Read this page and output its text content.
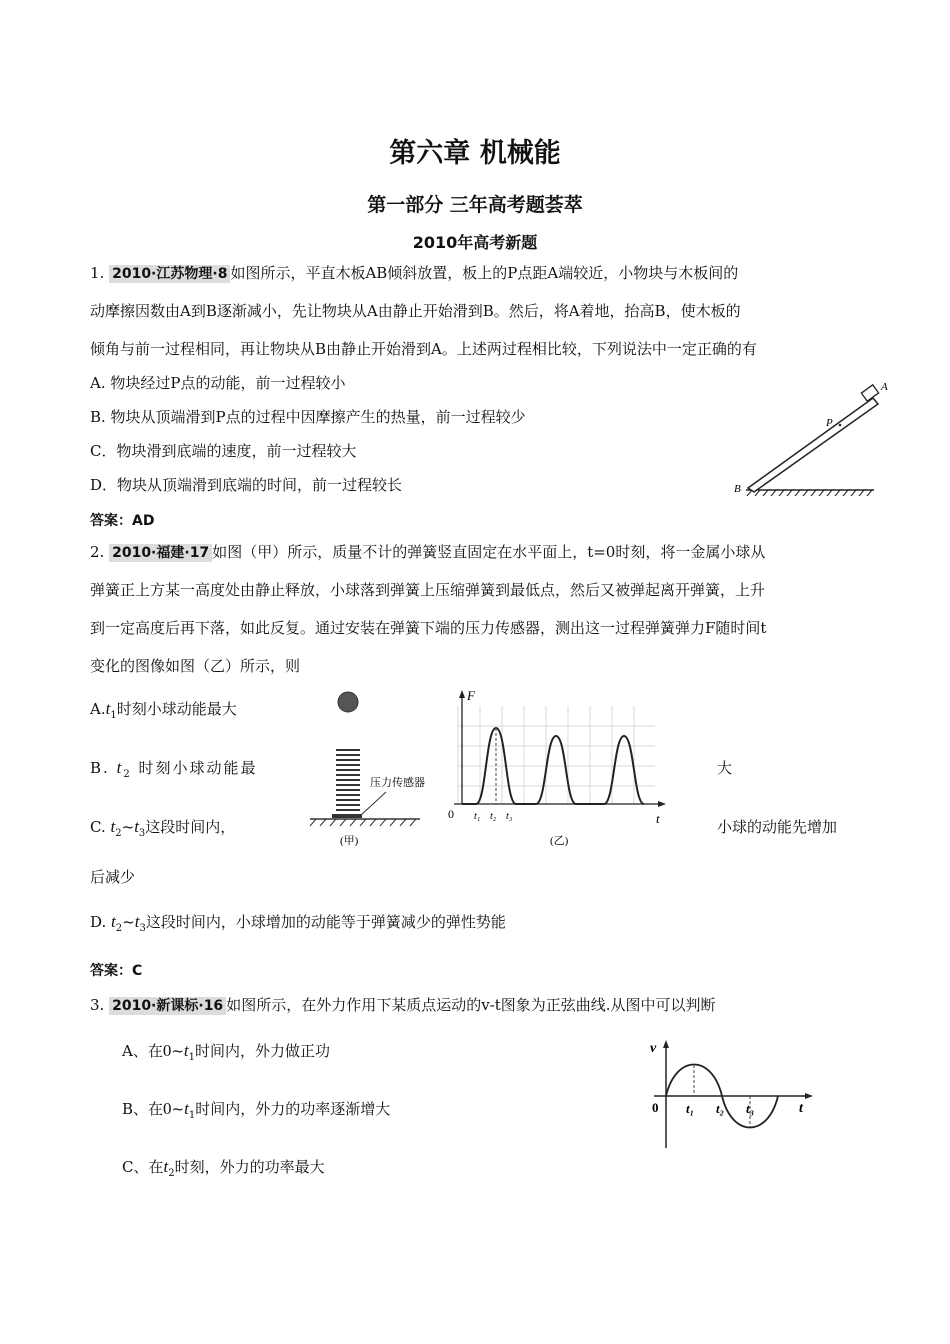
第六章 机械能
第一部分 三年高考题荟萃
2010年高考新题
1. 2010·江苏物理·8 如图所示，平直木板AB倾斜放置，板上的P点距A端较近，小物块与木板间的
动摩擦因数由A到B逐渐减小，先让物块从A由静止开始滑到B。然后，将A着地，抬高B，使木板的
倾角与前一过程相同，再让物块从B由静止开始滑到A。上述两过程相比较，下列说法中一定正确的有
A. 物块经过P点的动能，前一过程较小
B. 物块从顶端滑到P点的过程中因摩擦产生的热量，前一过程较少
C．物块滑到底端的速度，前一过程较大
D．物块从顶端滑到底端的时间，前一过程较长
答案：AD
A
P
B
2. 2010·福建·17 如图（甲）所示，质量不计的弹簧竖直固定在水平面上，t=0时刻，将一金属小球从
弹簧正上方某一高度处由静止释放，小球落到弹簧上压缩弹簧到最低点，然后又被弹起离开弹簧，上升
到一定高度后再下落，如此反复。通过安装在弹簧下端的压力传感器，测出这一过程弹簧弹力F随时间t
变化的图像如图（乙）所示，则
$A.t_1$时刻小球动能最大
B. $t_2$ 时刻小球动能最	大
C. $t_2\sim t_3$这段时间内，	小球的动能先增加
后减少
D. $t_2\sim t_3$这段时间内，小球增加的动能等于弹簧减少的弹性势能
答案：C
压力传感器
(甲)
F
t
0 t₁ t₂ t₃
(乙)
3. 2010·新课标·16 如图所示，在外力作用下某质点运动的v-t图象为正弦曲线.从图中可以判断
A、在$0\sim t_1$时间内，外力做正功
B、在$0\sim t_1$时间内，外力的功率逐渐增大
C、在$t_2$时刻，外力的功率最大
v
t
0 t₁ t₂ t₃
